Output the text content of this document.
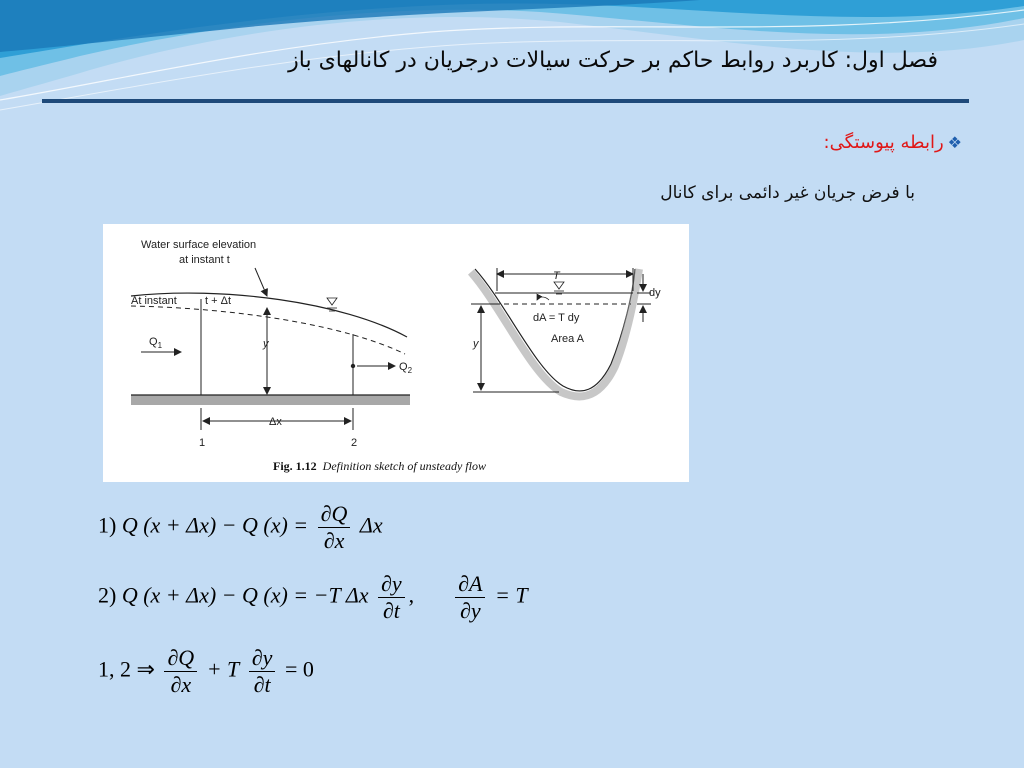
فصل اول: کاربرد روابط حاکم بر حرکت سیالات درجریان در کانالهای باز
❖رابطه پیوستگی:
با فرض جریان غیر دائمی برای کانال
Water surface elevation
at instant t
At instant	t + Δt
$Q_1$
$Q_2$
y
Δx
1	2
T
dy
dA = T dy
Area A
y
Fig. 1.12 Definition sketch of unsteady flow
1) Q (x + Δx) − Q $(x) = \frac{\partial Q}{\partial x}$ Δx
2) Q (x + Δx) − Q (x) = −T Δx $\frac{\partial y}{\partial t}$ , $\frac{\partial A}{\partial y} = T$
1, 2 ⇒ $\frac{\partial Q}{\partial x} + T \frac{\partial y}{\partial t} = 0$
